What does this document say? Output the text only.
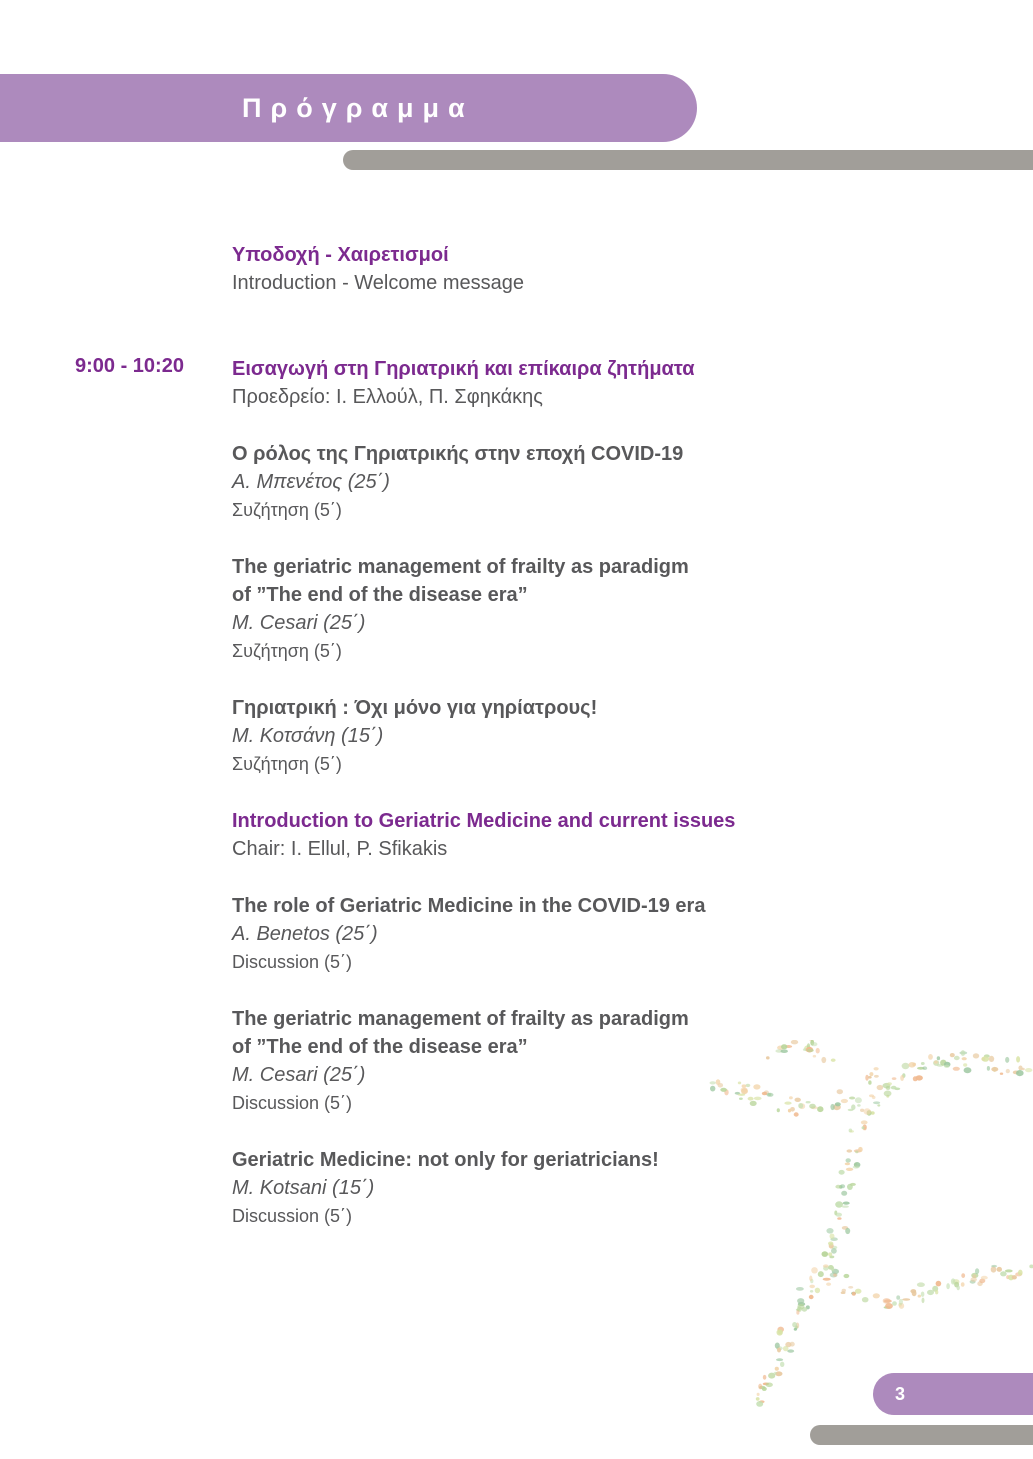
Πρόγραμμα
9:00 - 10:20
Υποδοχή - Χαιρετισμοί
Introduction - Welcome message
Εισαγωγή στη Γηριατρική και επίκαιρα ζητήματα
Προεδρείο: Ι. Ελλούλ, Π. Σφηκάκης
Ο ρόλος της Γηριατρικής στην εποχή COVID-19
Α. Μπενέτος (25΄)
Συζήτηση (5΄)
The geriatric management of frailty as paradigm
of ”The end of the disease era”
M. Cesari (25΄)
Συζήτηση (5΄)
Γηριατρική : Όχι μόνο για γηρίατρους!
Μ. Κοτσάνη (15΄)
Συζήτηση (5΄)
Introduction to Geriatric Medicine and current issues
Chair: I. Ellul, P. Sfikakis
The role of Geriatric Medicine in the COVID-19 era
A. Benetos (25΄)
Discussion (5΄)
The geriatric management of frailty as paradigm
of ”The end of the disease era”
M. Cesari (25΄)
Discussion (5΄)
Geriatric Medicine: not only for geriatricians!
M. Kotsani (15΄)
Discussion (5΄)
3
